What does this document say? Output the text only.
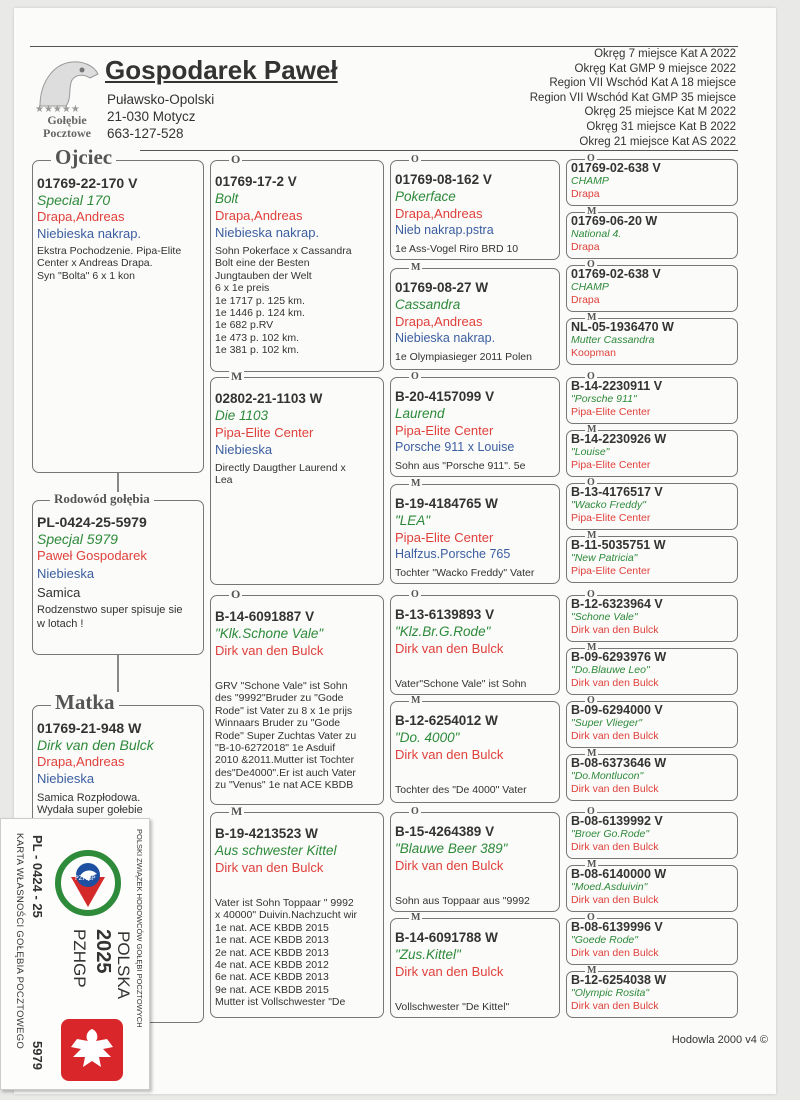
★★★★★
Gołębie
Pocztowe
Gospodarek Paweł
Puławsko-Opolski
21-030 Motycz
663-127-528
Okręg 7 miejsce Kat A 2022
Okręg Kat GMP 9 miejsce 2022
Region VII Wschód Kat A 18 miejsce
Region VII Wschód Kat GMP 35 miejsce
Okręg 25 miejsce Kat M 2022
Okręg 31 miejsce Kat B 2022
Okreg 21 miejsce Kat AS 2022
Ojciec
01769-22-170 V
Special 170
Drapa,Andreas
Niebieska nakrap.
Ekstra Pochodzenie. Pipa-Elite
Center x Andreas Drapa.
Syn "Bolta" 6 x 1 kon
Rodowód gołębia
PL-0424-25-5979
Specjal 5979
Paweł Gospodarek
Niebieska
Samica
Rodzenstwo super spisuje sie
w lotach !
Matka
01769-21-948 W
Dirk van den Bulck
Drapa,Andreas
Niebieska
Samica Rozpłodowa.
Wydała super gołebie
O
01769-17-2 V
Bolt
Drapa,Andreas
Niebieska nakrap.
Sohn Pokerface x Cassandra
Bolt eine der Besten
Jungtauben der Welt
6 x 1e preis
1e 1717 p. 125 km.
1e 1446 p. 124 km.
1e 682 p.RV
1e 473 p. 102 km.
1e 381 p. 102 km.
M
02802-21-1103 W
Die 1103
Pipa-Elite Center
Niebieska
Directly Daugther Laurend x
Lea
O
B-14-6091887 V
"Klk.Schone Vale"
Dirk van den Bulck
GRV "Schone Vale" ist Sohn
des "9992"Bruder zu "Gode
Rode" ist Vater zu 8 x 1e prijs
Winnaars Bruder zu "Gode
Rode" Super Zuchtas Vater zu
"B-10-6272018" 1e Asduif
2010 &2011.Mutter ist Tochter
des"De4000".Er ist auch Vater
zu "Venus" 1e nat ACE KBDB
M
B-19-4213523 W
Aus schwester Kittel
Dirk van den Bulck
Vater ist Sohn Toppaar " 9992
x 40000" Duivin.Nachzucht wir
1e nat. ACE KBDB 2015
1e nat. ACE KBDB 2013
2e nat. ACE KBDB 2013
4e nat. ACE KBDB 2012
6e nat. ACE KBDB 2013
9e nat. ACE KBDB 2015
Mutter ist Vollschwester "De
O
01769-08-162 V
Pokerface
Drapa,Andreas
Nieb nakrap.pstra
1e Ass-Vogel Riro BRD 10
M
01769-08-27 W
Cassandra
Drapa,Andreas
Niebieska nakrap.
1e Olympiasieger 2011 Polen
O
B-20-4157099 V
Laurend
Pipa-Elite Center
Porsche 911 x Louise
Sohn aus "Porsche 911". 5e
M
B-19-4184765 W
"LEA"
Pipa-Elite Center
Halfzus.Porsche 765
Tochter "Wacko Freddy" Vater
O
B-13-6139893 V
"Klz.Br.G.Rode"
Dirk van den Bulck
Vater"Schone Vale" ist Sohn
M
B-12-6254012 W
"Do. 4000"
Dirk van den Bulck
Tochter des "De 4000" Vater
O
B-15-4264389 V
"Blauwe Beer 389"
Dirk van den Bulck
Sohn aus Toppaar aus "9992
M
B-14-6091788 W
"Zus.Kittel"
Dirk van den Bulck
Vollschwester "De Kittel"
O
01769-02-638 V
CHAMP
Drapa
M
01769-06-20 W
National 4.
Drapa
O
01769-02-638 V
CHAMP
Drapa
M
NL-05-1936470 W
Mutter Cassandra
Koopman
O
B-14-2230911 V
"Porsche 911"
Pipa-Elite Center
M
B-14-2230926 W
"Louise"
Pipa-Elite Center
O
B-13-4176517 V
"Wacko Freddy"
Pipa-Elite Center
M
B-11-5035751 W
"New Patricia"
Pipa-Elite Center
O
B-12-6323964 V
"Schone Vale"
Dirk van den Bulck
M
B-09-6293976 W
"Do.Blauwe Leo"
Dirk van den Bulck
O
B-09-6294000 V
"Super Vlieger"
Dirk van den Bulck
M
B-08-6373646 W
"Do.Montlucon"
Dirk van den Bulck
O
B-08-6139992 V
"Broer Go.Rode"
Dirk van den Bulck
M
B-08-6140000 W
"Moed.Asduivin"
Dirk van den Bulck
O
B-08-6139996 V
"Goede Rode"
Dirk van den Bulck
M
B-12-6254038 W
"Olympic Rosita"
Dirk van den Bulck
Hodowla 2000 v4 ©
KARTA WŁASNOŚCI GOŁĘBIA POCZTOWEGO PL - 0424 - 25
5979
POLSKI ZWIĄZEK HODOWCÓW GOŁĘBI POCZTOWYCH
POLSKA
2025
PZHGP
PZHGP
